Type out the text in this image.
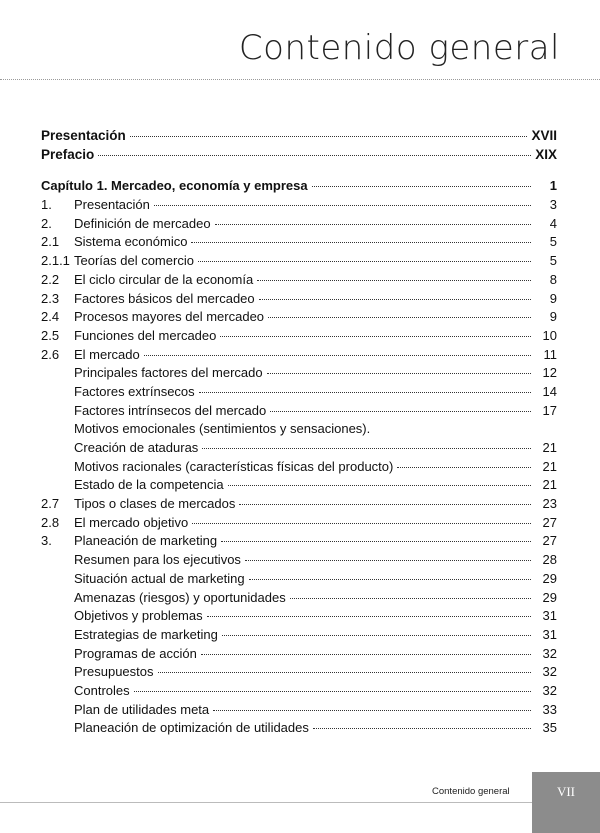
Contenido general
Presentación	XVII
Prefacio	XIX
Capítulo 1. Mercadeo, economía y empresa	1
1.	Presentación	3
2.	Definición de mercadeo	4
2.1	Sistema económico	5
2.1.1 Teorías del comercio	5
2.2	El ciclo circular de la economía	8
2.3	Factores básicos del mercadeo	9
2.4	Procesos mayores del mercadeo	9
2.5	Funciones del mercadeo	10
2.6	El mercado	11
Principales factores del mercado	12
Factores extrínsecos	14
Factores intrínsecos del mercado	17
Motivos emocionales (sentimientos y sensaciones).
Creación de ataduras	21
Motivos racionales (características físicas del producto)	21
Estado de la competencia	21
2.7	Tipos o clases de mercados	23
2.8	El mercado objetivo	27
3.	Planeación de marketing	27
Resumen para los ejecutivos	28
Situación actual de marketing	29
Amenazas (riesgos) y oportunidades	29
Objetivos y problemas	31
Estrategias de marketing	31
Programas de acción	32
Presupuestos	32
Controles	32
Plan de utilidades meta	33
Planeación de optimización de utilidades	35
Contenido general	VII
